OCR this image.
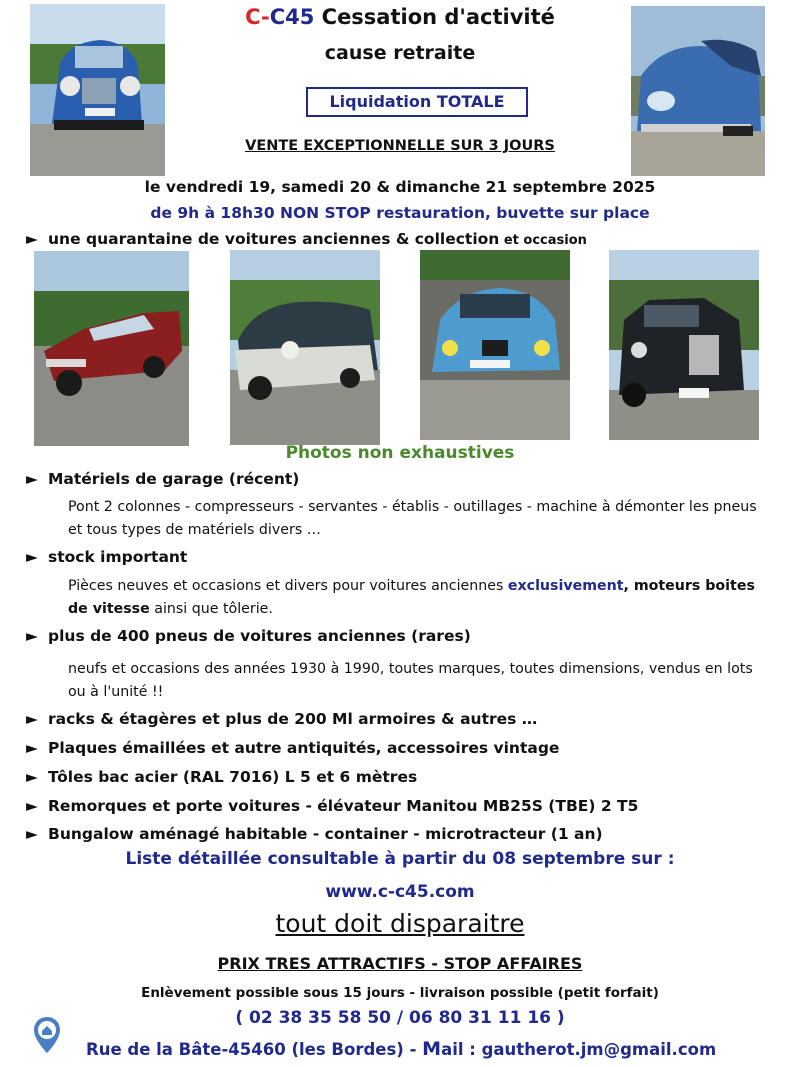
C-C45 Cessation d'activité
cause retraite
Liquidation TOTALE
VENTE EXCEPTIONNELLE SUR 3 JOURS
le vendredi 19, samedi 20 & dimanche 21 septembre 2025
de 9h à 18h30 NON STOP restauration, buvette sur place
► une quarantaine de voitures anciennes & collection et occasion
Photos non exhaustives
► Matériels de garage (récent)
Pont 2 colonnes - compresseurs - servantes - établis - outillages - machine à démonter les pneus et tous types de matériels divers …
► stock important
Pièces neuves et occasions et divers pour voitures anciennes exclusivement, moteurs boites de vitesse ainsi que tôlerie.
► plus de 400 pneus de voitures anciennes (rares)
neufs et occasions des années 1930 à 1990, toutes marques, toutes dimensions, vendus en lots ou à l'unité !!
► racks & étagères et plus de 200 Ml armoires & autres …
► Plaques émaillées et autre antiquités, accessoires vintage
► Tôles bac acier (RAL 7016) L 5 et 6 mètres
► Remorques et porte voitures - élévateur Manitou MB25S (TBE) 2 T5
► Bungalow aménagé habitable - container - microtracteur (1 an)
Liste détaillée consultable à partir du 08 septembre sur :
www.c-c45.com
tout doit disparaitre
PRIX TRES ATTRACTIFS - STOP AFFAIRES
Enlèvement possible sous 15 jours - livraison possible (petit forfait)
( 02 38 35 58 50 / 06 80 31 11 16 )
Rue de la Bâte-45460 (les Bordes) - Mail : gautherot.jm@gmail.com
